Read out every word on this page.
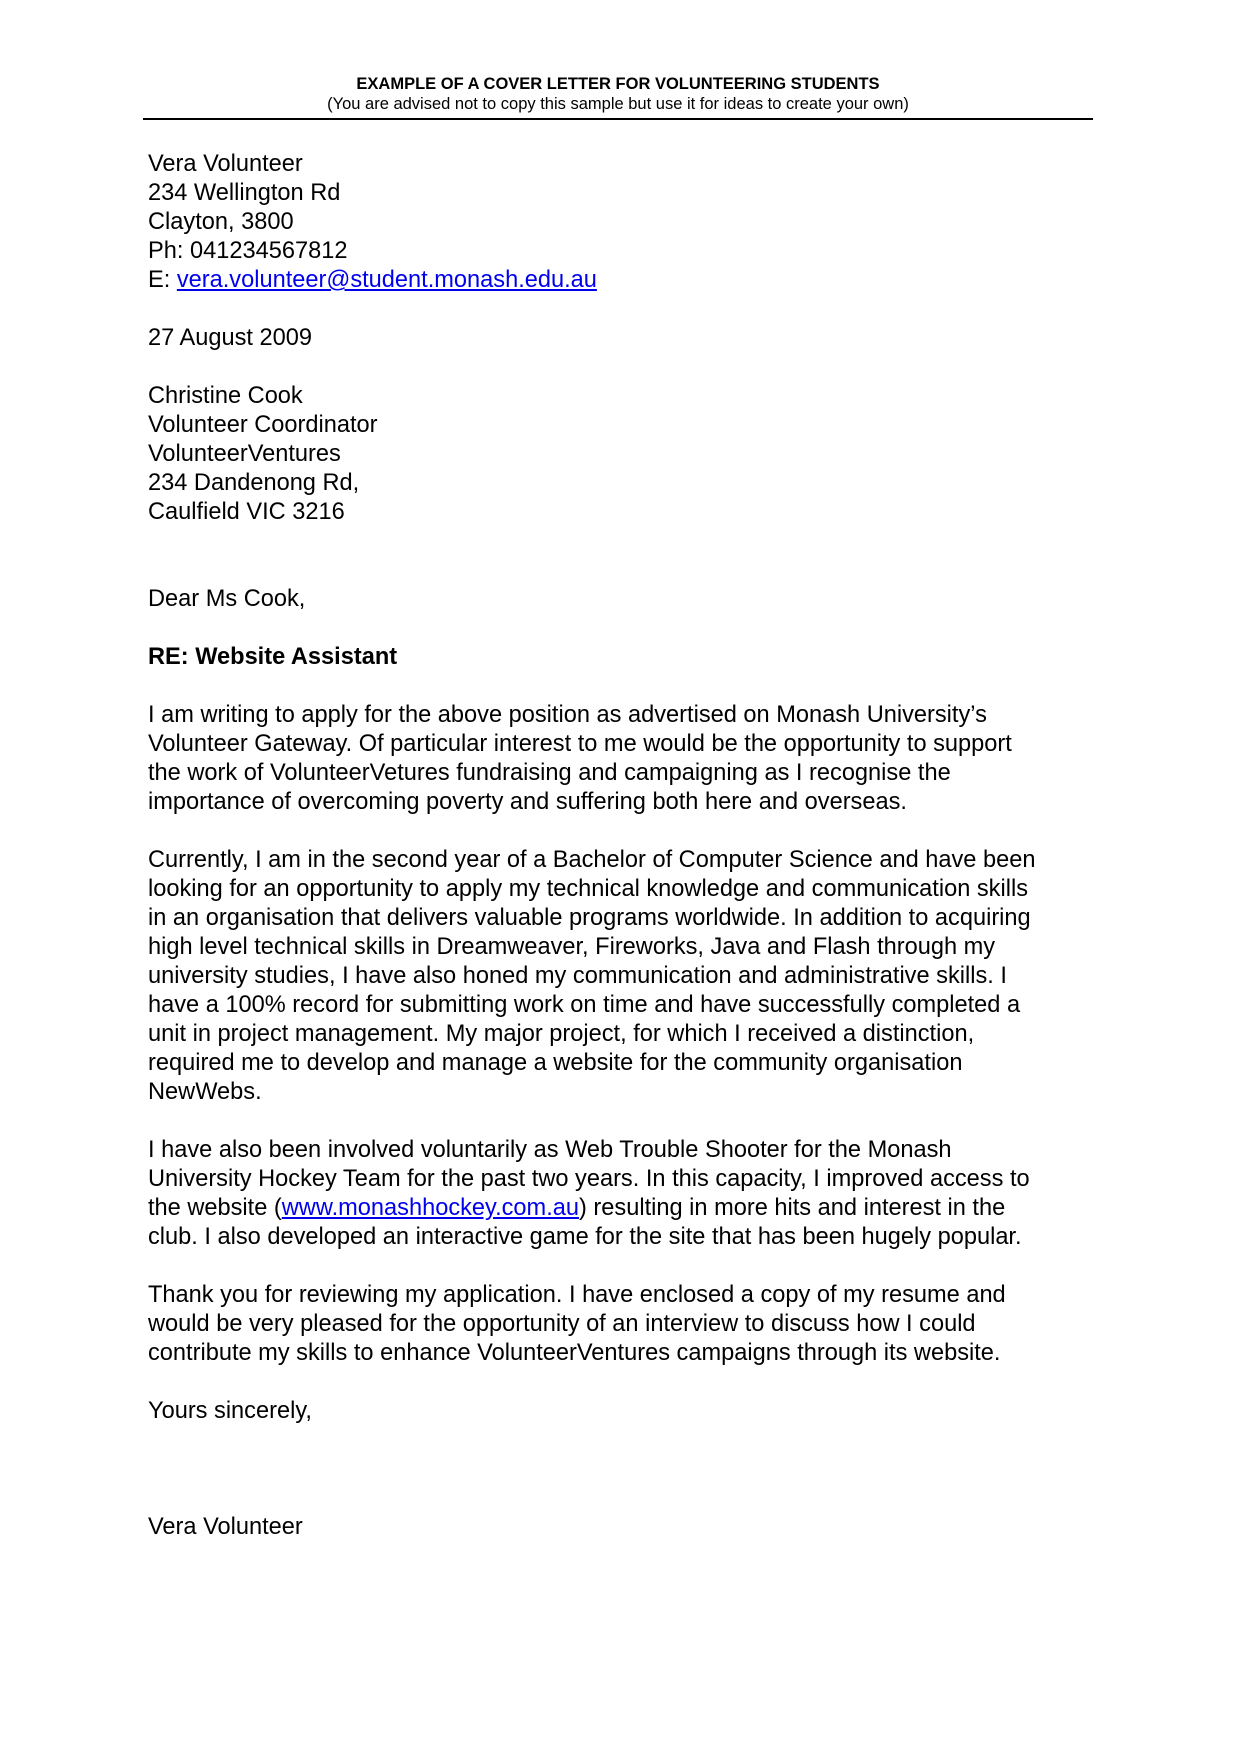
EXAMPLE OF A COVER LETTER FOR VOLUNTEERING STUDENTS
(You are advised not to copy this sample but use it for ideas to create your own)
Vera Volunteer
234 Wellington Rd
Clayton, 3800
Ph: 041234567812
E: vera.volunteer@student.monash.edu.au
27 August 2009
Christine Cook
Volunteer Coordinator
VolunteerVentures
234 Dandenong Rd,
Caulfield VIC 3216
Dear Ms Cook,
RE: Website Assistant
I am writing to apply for the above position as advertised on Monash University’s
Volunteer Gateway. Of particular interest to me would be the opportunity to support
the work of VolunteerVetures fundraising and campaigning as I recognise the
importance of overcoming poverty and suffering both here and overseas.
Currently, I am in the second year of a Bachelor of Computer Science and have been
looking for an opportunity to apply my technical knowledge and communication skills
in an organisation that delivers valuable programs worldwide. In addition to acquiring
high level technical skills in Dreamweaver, Fireworks, Java and Flash through my
university studies, I have also honed my communication and administrative skills. I
have a 100% record for submitting work on time and have successfully completed a
unit in project management. My major project, for which I received a distinction,
required me to develop and manage a website for the community organisation
NewWebs.
I have also been involved voluntarily as Web Trouble Shooter for the Monash
University Hockey Team for the past two years. In this capacity, I improved access to
the website (www.monashhockey.com.au) resulting in more hits and interest in the
club. I also developed an interactive game for the site that has been hugely popular.
Thank you for reviewing my application. I have enclosed a copy of my resume and
would be very pleased for the opportunity of an interview to discuss how I could
contribute my skills to enhance VolunteerVentures campaigns through its website.
Yours sincerely,
Vera Volunteer
